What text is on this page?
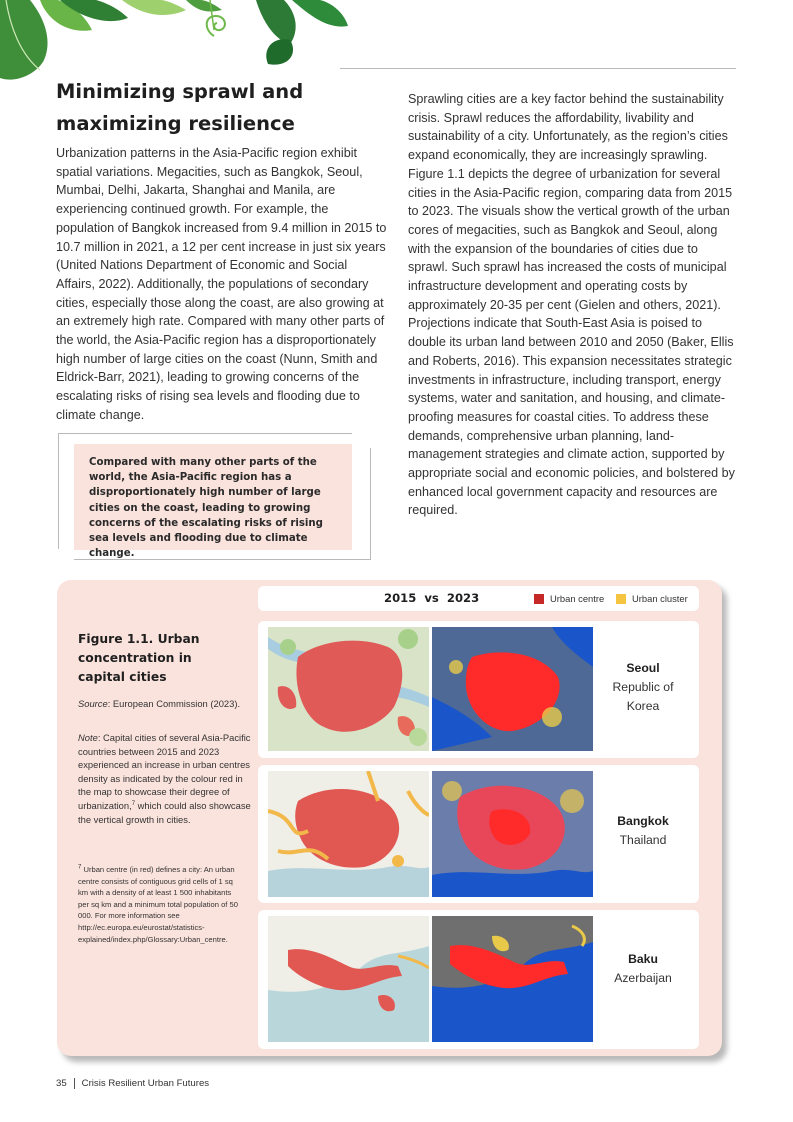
Minimizing sprawl and maximizing resilience

Urbanization patterns in the Asia-Pacific region exhibit spatial variations. Megacities, such as Bangkok, Seoul, Mumbai, Delhi, Jakarta, Shanghai and Manila, are experiencing continued growth. For example, the population of Bangkok increased from 9.4 million in 2015 to 10.7 million in 2021, a 12 per cent increase in just six years (United Nations Department of Economic and Social Affairs, 2022). Additionally, the populations of secondary cities, especially those along the coast, are also growing at an extremely high rate. Compared with many other parts of the world, the Asia-Pacific region has a disproportionately high number of large cities on the coast (Nunn, Smith and Eldrick-Barr, 2021), leading to growing concerns of the escalating risks of rising sea levels and flooding due to climate change.

Sprawling cities are a key factor behind the sustainability crisis. Sprawl reduces the affordability, livability and sustainability of a city. Unfortunately, as the region’s cities expand economically, they are increasingly sprawling. Figure 1.1 depicts the degree of urbanization for several cities in the Asia-Pacific region, comparing data from 2015 to 2023. The visuals show the vertical growth of the urban cores of megacities, such as Bangkok and Seoul, along with the expansion of the boundaries of cities due to sprawl. Such sprawl has increased the costs of municipal infrastructure development and operating costs by approximately 20-35 per cent (Gielen and others, 2021). Projections indicate that South-East Asia is poised to double its urban land between 2010 and 2050 (Baker, Ellis and Roberts, 2016). This expansion necessitates strategic investments in infrastructure, including transport, energy systems, water and sanitation, and housing, and climate-proofing measures for coastal cities. To address these demands, comprehensive urban planning, land-management strategies and climate action, supported by appropriate social and economic policies, and bolstered by enhanced local government capacity and resources are required.

Compared with many other parts of the world, the Asia-Pacific region has a disproportionately high number of large cities on the coast, leading to growing concerns of the escalating risks of rising sea levels and flooding due to climate change.
Figure 1.1. Urban concentration in capital cities
Source: European Commission (2023).
Note: Capital cities of several Asia-Pacific countries between 2015 and 2023 experienced an increase in urban centres density as indicated by the colour red in the map to showcase their degree of urbanization,$^7$ which could also showcase the vertical growth in cities.
$^7$ Urban centre (in red) defines a city: An urban centre consists of contiguous grid cells of 1 sq km with a density of at least 1 500 inhabitants per sq km and a minimum total population of 50 000. For more information see http://ec.europa.eu/eurostat/statistics-explained/index.php/Glossary:Urban_centre.
2015  vs  2023	Urban centre	Urban cluster
Seoul
Republic of Korea
Bangkok
Thailand
Baku
Azerbaijan
35 Crisis Resilient Urban Futures
